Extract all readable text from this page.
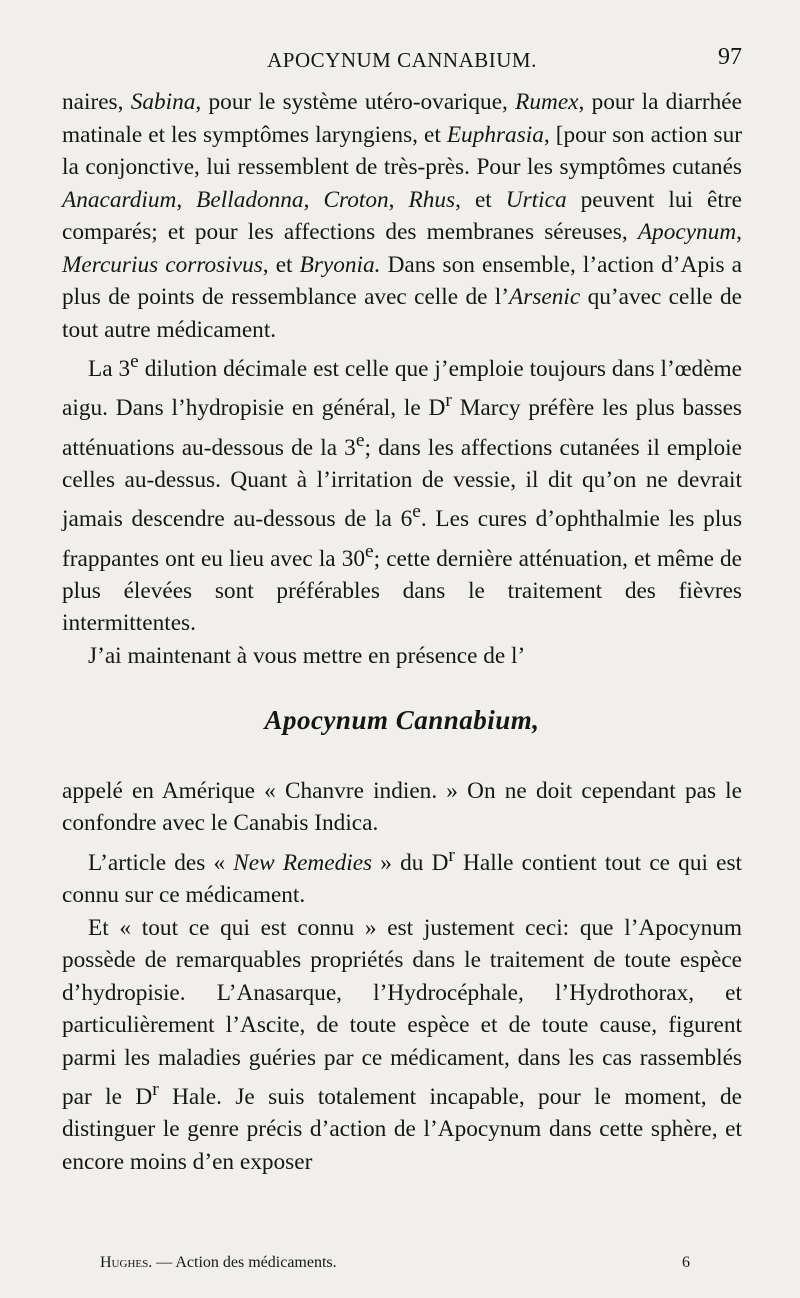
APOCYNUM CANNABIUM.	97

naires, Sabina, pour le système utéro-ovarique, Rumex, pour la diarrhée matinale et les symptômes laryngiens, et Euphrasia, [pour son action sur la conjonctive, lui ressemblent de très-près. Pour les symptômes cutanés Anacardium, Belladonna, Croton, Rhus, et Urtica peuvent lui être comparés; et pour les affections des membranes séreuses, Apocynum, Mercurius corrosivus, et Bryonia. Dans son ensemble, l’action d’Apis a plus de points de ressemblance avec celle de l’Arsenic qu’avec celle de tout autre médicament.

La 3e dilution décimale est celle que j’emploie toujours dans l’œdème aigu. Dans l’hydropisie en général, le $D^r$ Marcy préfère les plus basses atténuations au-dessous de la 3e; dans les affections cutanées il emploie celles au-dessus. Quant à l’irritation de vessie, il dit qu’on ne devrait jamais descendre au-dessous de la 6e. Les cures d’ophthalmie les plus frappantes ont eu lieu avec la 30e; cette dernière atténuation, et même de plus élevées sont préférables dans le traitement des fièvres intermittentes.

J’ai maintenant à vous mettre en présence de l’

Apocynum Cannabium,

appelé en Amérique « Chanvre indien. » On ne doit cependant pas le confondre avec le Canabis Indica.

L’article des « New Remedies » du $D^r$ Halle contient tout ce qui est connu sur ce médicament.

Et « tout ce qui est connu » est justement ceci: que l’Apocynum possède de remarquables propriétés dans le traitement de toute espèce d’hydropisie. L’Anasarque, l’Hydrocéphale, l’Hydrothorax, et particulièrement l’Ascite, de toute espèce et de toute cause, figurent parmi les maladies guéries par ce médicament, dans les cas rassemblés par le $D^r$ Hale. Je suis totalement incapable, pour le moment, de distinguer le genre précis d’action de l’Apocynum dans cette sphère, et encore moins d’en exposer

Hughes. — Action des médicaments.	6
